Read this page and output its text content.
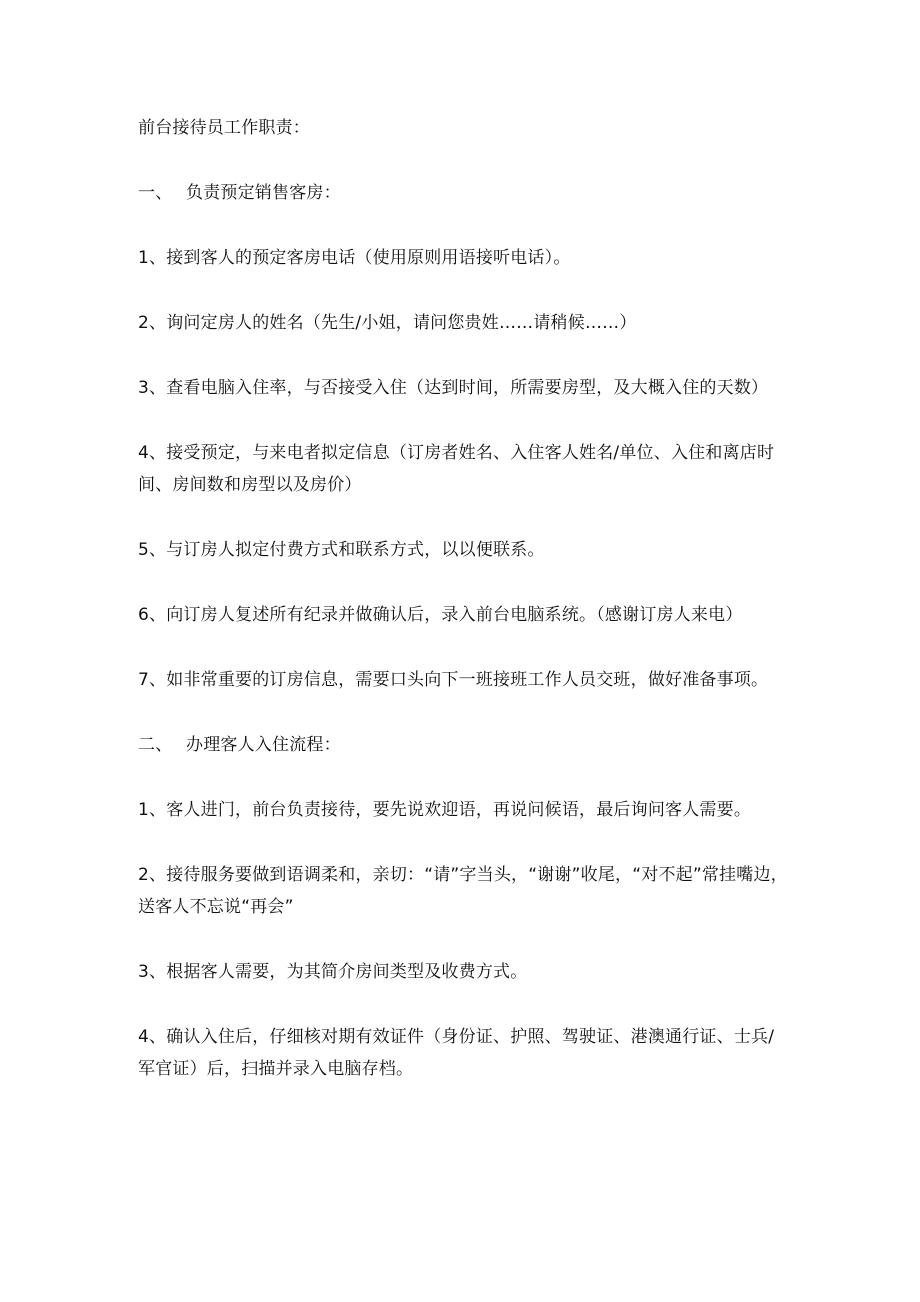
前台接待员工作职责：

一、 负责预定销售客房：

1、接到客人的预定客房电话（使用原则用语接听电话）。

2、询问定房人的姓名（先生/小姐，请问您贵姓……请稍候……）

3、查看电脑入住率，与否接受入住（达到时间，所需要房型，及大概入住的天数）

4、接受预定，与来电者拟定信息（订房者姓名、入住客人姓名/单位、入住和离店时间、房间数和房型以及房价）

5、与订房人拟定付费方式和联系方式，以以便联系。

6、向订房人复述所有纪录并做确认后，录入前台电脑系统。（感谢订房人来电）

7、如非常重要的订房信息，需要口头向下一班接班工作人员交班，做好准备事项。

二、 办理客人入住流程：

1、客人进门，前台负责接待，要先说欢迎语，再说问候语，最后询问客人需要。

2、接待服务要做到语调柔和，亲切：“请”字当头，“谢谢”收尾，“对不起”常挂嘴边，送客人不忘说“再会”

3、根据客人需要，为其简介房间类型及收费方式。

4、确认入住后，仔细核对期有效证件（身份证、护照、驾驶证、港澳通行证、士兵/军官证）后，扫描并录入电脑存档。
